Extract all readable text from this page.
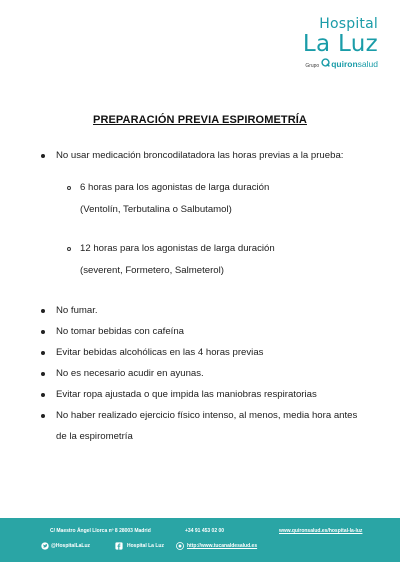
Hospital
La Luz
Grupo quironsalud
PREPARACIÓN PREVIA ESPIROMETRÍA
No usar medicación broncodilatadora las horas previas a la prueba:
6 horas para los agonistas de larga duración
(Ventolín, Terbutalina o Salbutamol)
12 horas para los agonistas de larga duración
(severent, Formetero, Salmeterol)
No fumar.
No tomar bebidas con cafeína
Evitar bebidas alcohólicas en las 4 horas previas
No es necesario acudir en ayunas.
Evitar ropa ajustada o que impida las maniobras respiratorias
No haber realizado ejercicio físico intenso, al menos, media hora antes
de la espirometría
C/ Maestro Ángel Llorca nº 8 28003 Madrid	+34 91 453 02 00	www.quironsalud.es/hospital-la-luz
@HospitalLaLuz	Hospital La Luz	http://www.tucanaldesalud.es
